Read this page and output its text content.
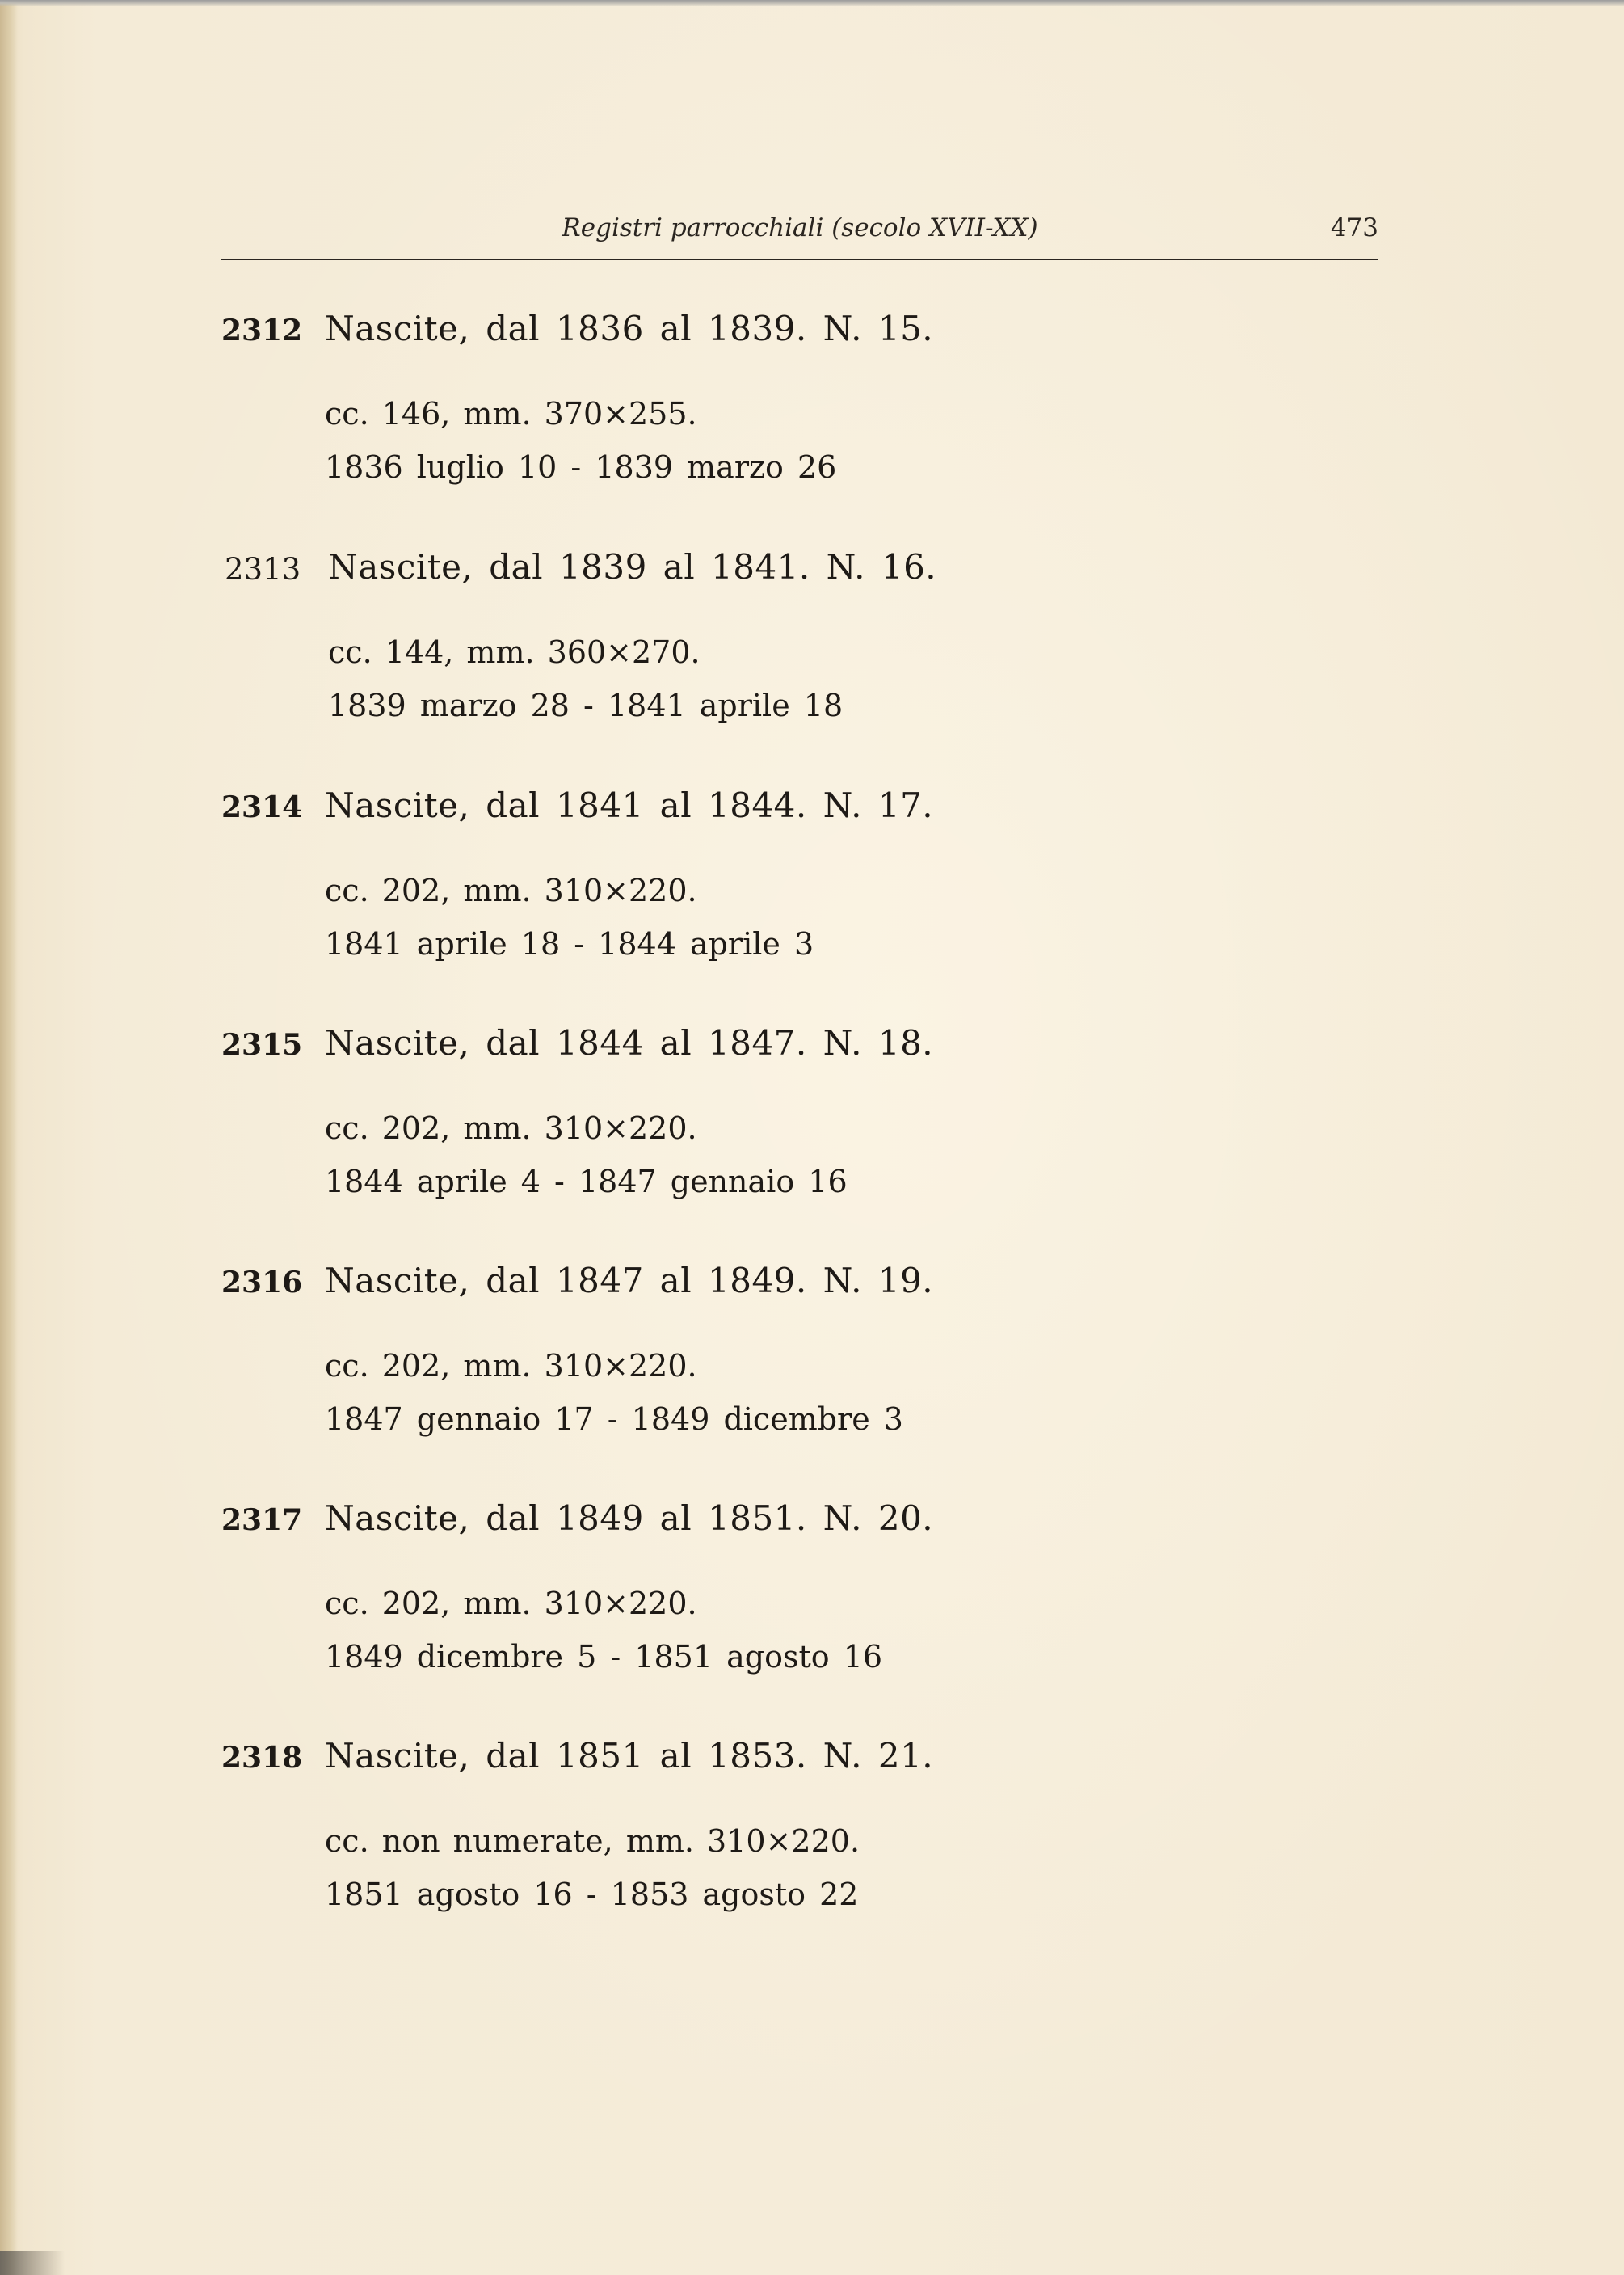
Registri parrocchiali (secolo XVII-XX)	473
2312 Nascite, dal 1836 al 1839. N. 15.
cc. 146, mm. 370×255.
1836 luglio 10 - 1839 marzo 26
2313 Nascite, dal 1839 al 1841. N. 16.
cc. 144, mm. 360×270.
1839 marzo 28 - 1841 aprile 18
2314 Nascite, dal 1841 al 1844. N. 17.
cc. 202, mm. 310×220.
1841 aprile 18 - 1844 aprile 3
2315 Nascite, dal 1844 al 1847. N. 18.
cc. 202, mm. 310×220.
1844 aprile 4 - 1847 gennaio 16
2316 Nascite, dal 1847 al 1849. N. 19.
cc. 202, mm. 310×220.
1847 gennaio 17 - 1849 dicembre 3
2317 Nascite, dal 1849 al 1851. N. 20.
cc. 202, mm. 310×220.
1849 dicembre 5 - 1851 agosto 16
2318 Nascite, dal 1851 al 1853. N. 21.
cc. non numerate, mm. 310×220.
1851 agosto 16 - 1853 agosto 22
